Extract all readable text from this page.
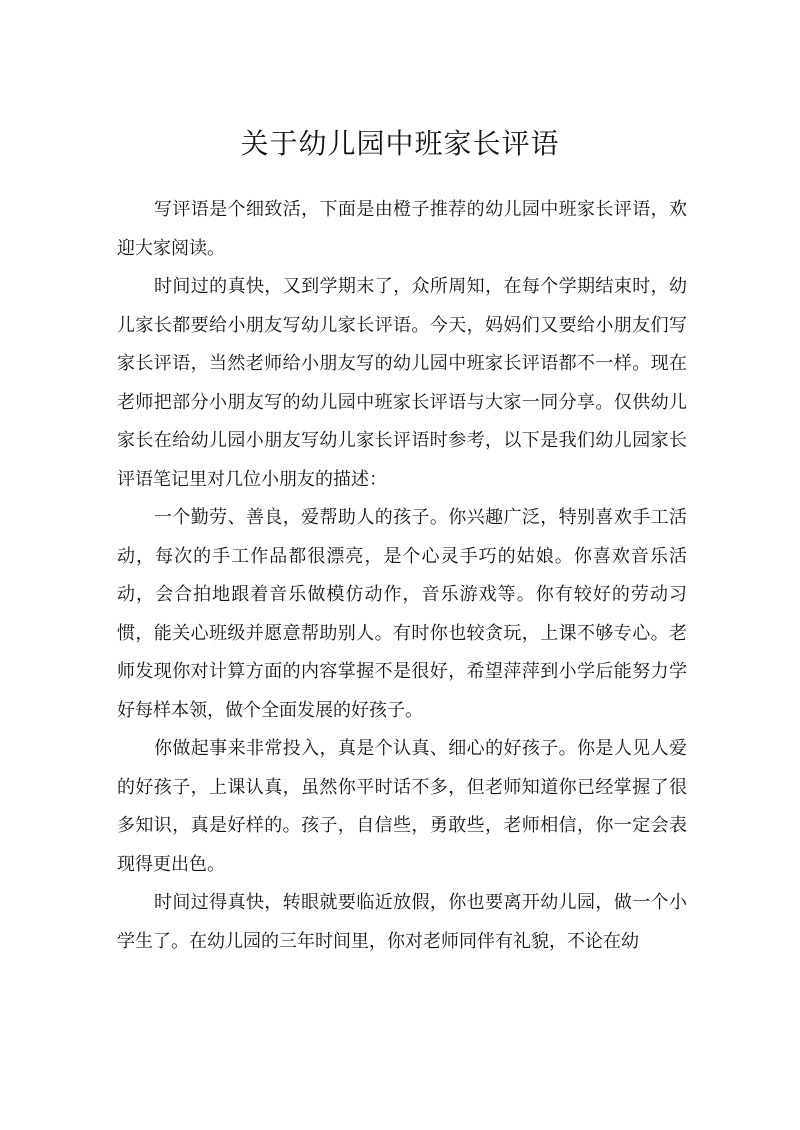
关于幼儿园中班家长评语

写评语是个细致活，下面是由橙子推荐的幼儿园中班家长评语，欢迎大家阅读。

时间过的真快，又到学期末了，众所周知，在每个学期结束时，幼儿家长都要给小朋友写幼儿家长评语。今天，妈妈们又要给小朋友们写家长评语，当然老师给小朋友写的幼儿园中班家长评语都不一样。现在老师把部分小朋友写的幼儿园中班家长评语与大家一同分享。仅供幼儿家长在给幼儿园小朋友写幼儿家长评语时参考，以下是我们幼儿园家长评语笔记里对几位小朋友的描述：

一个勤劳、善良，爱帮助人的孩子。你兴趣广泛，特别喜欢手工活动，每次的手工作品都很漂亮，是个心灵手巧的姑娘。你喜欢音乐活动，会合拍地跟着音乐做模仿动作，音乐游戏等。你有较好的劳动习惯，能关心班级并愿意帮助别人。有时你也较贪玩，上课不够专心。老师发现你对计算方面的内容掌握不是很好，希望萍萍到小学后能努力学好每样本领，做个全面发展的好孩子。

你做起事来非常投入，真是个认真、细心的好孩子。你是人见人爱的好孩子，上课认真，虽然你平时话不多，但老师知道你已经掌握了很多知识，真是好样的。孩子，自信些，勇敢些，老师相信，你一定会表现得更出色。

时间过得真快，转眼就要临近放假，你也要离开幼儿园，做一个小学生了。在幼儿园的三年时间里，你对老师同伴有礼貌，不论在幼
